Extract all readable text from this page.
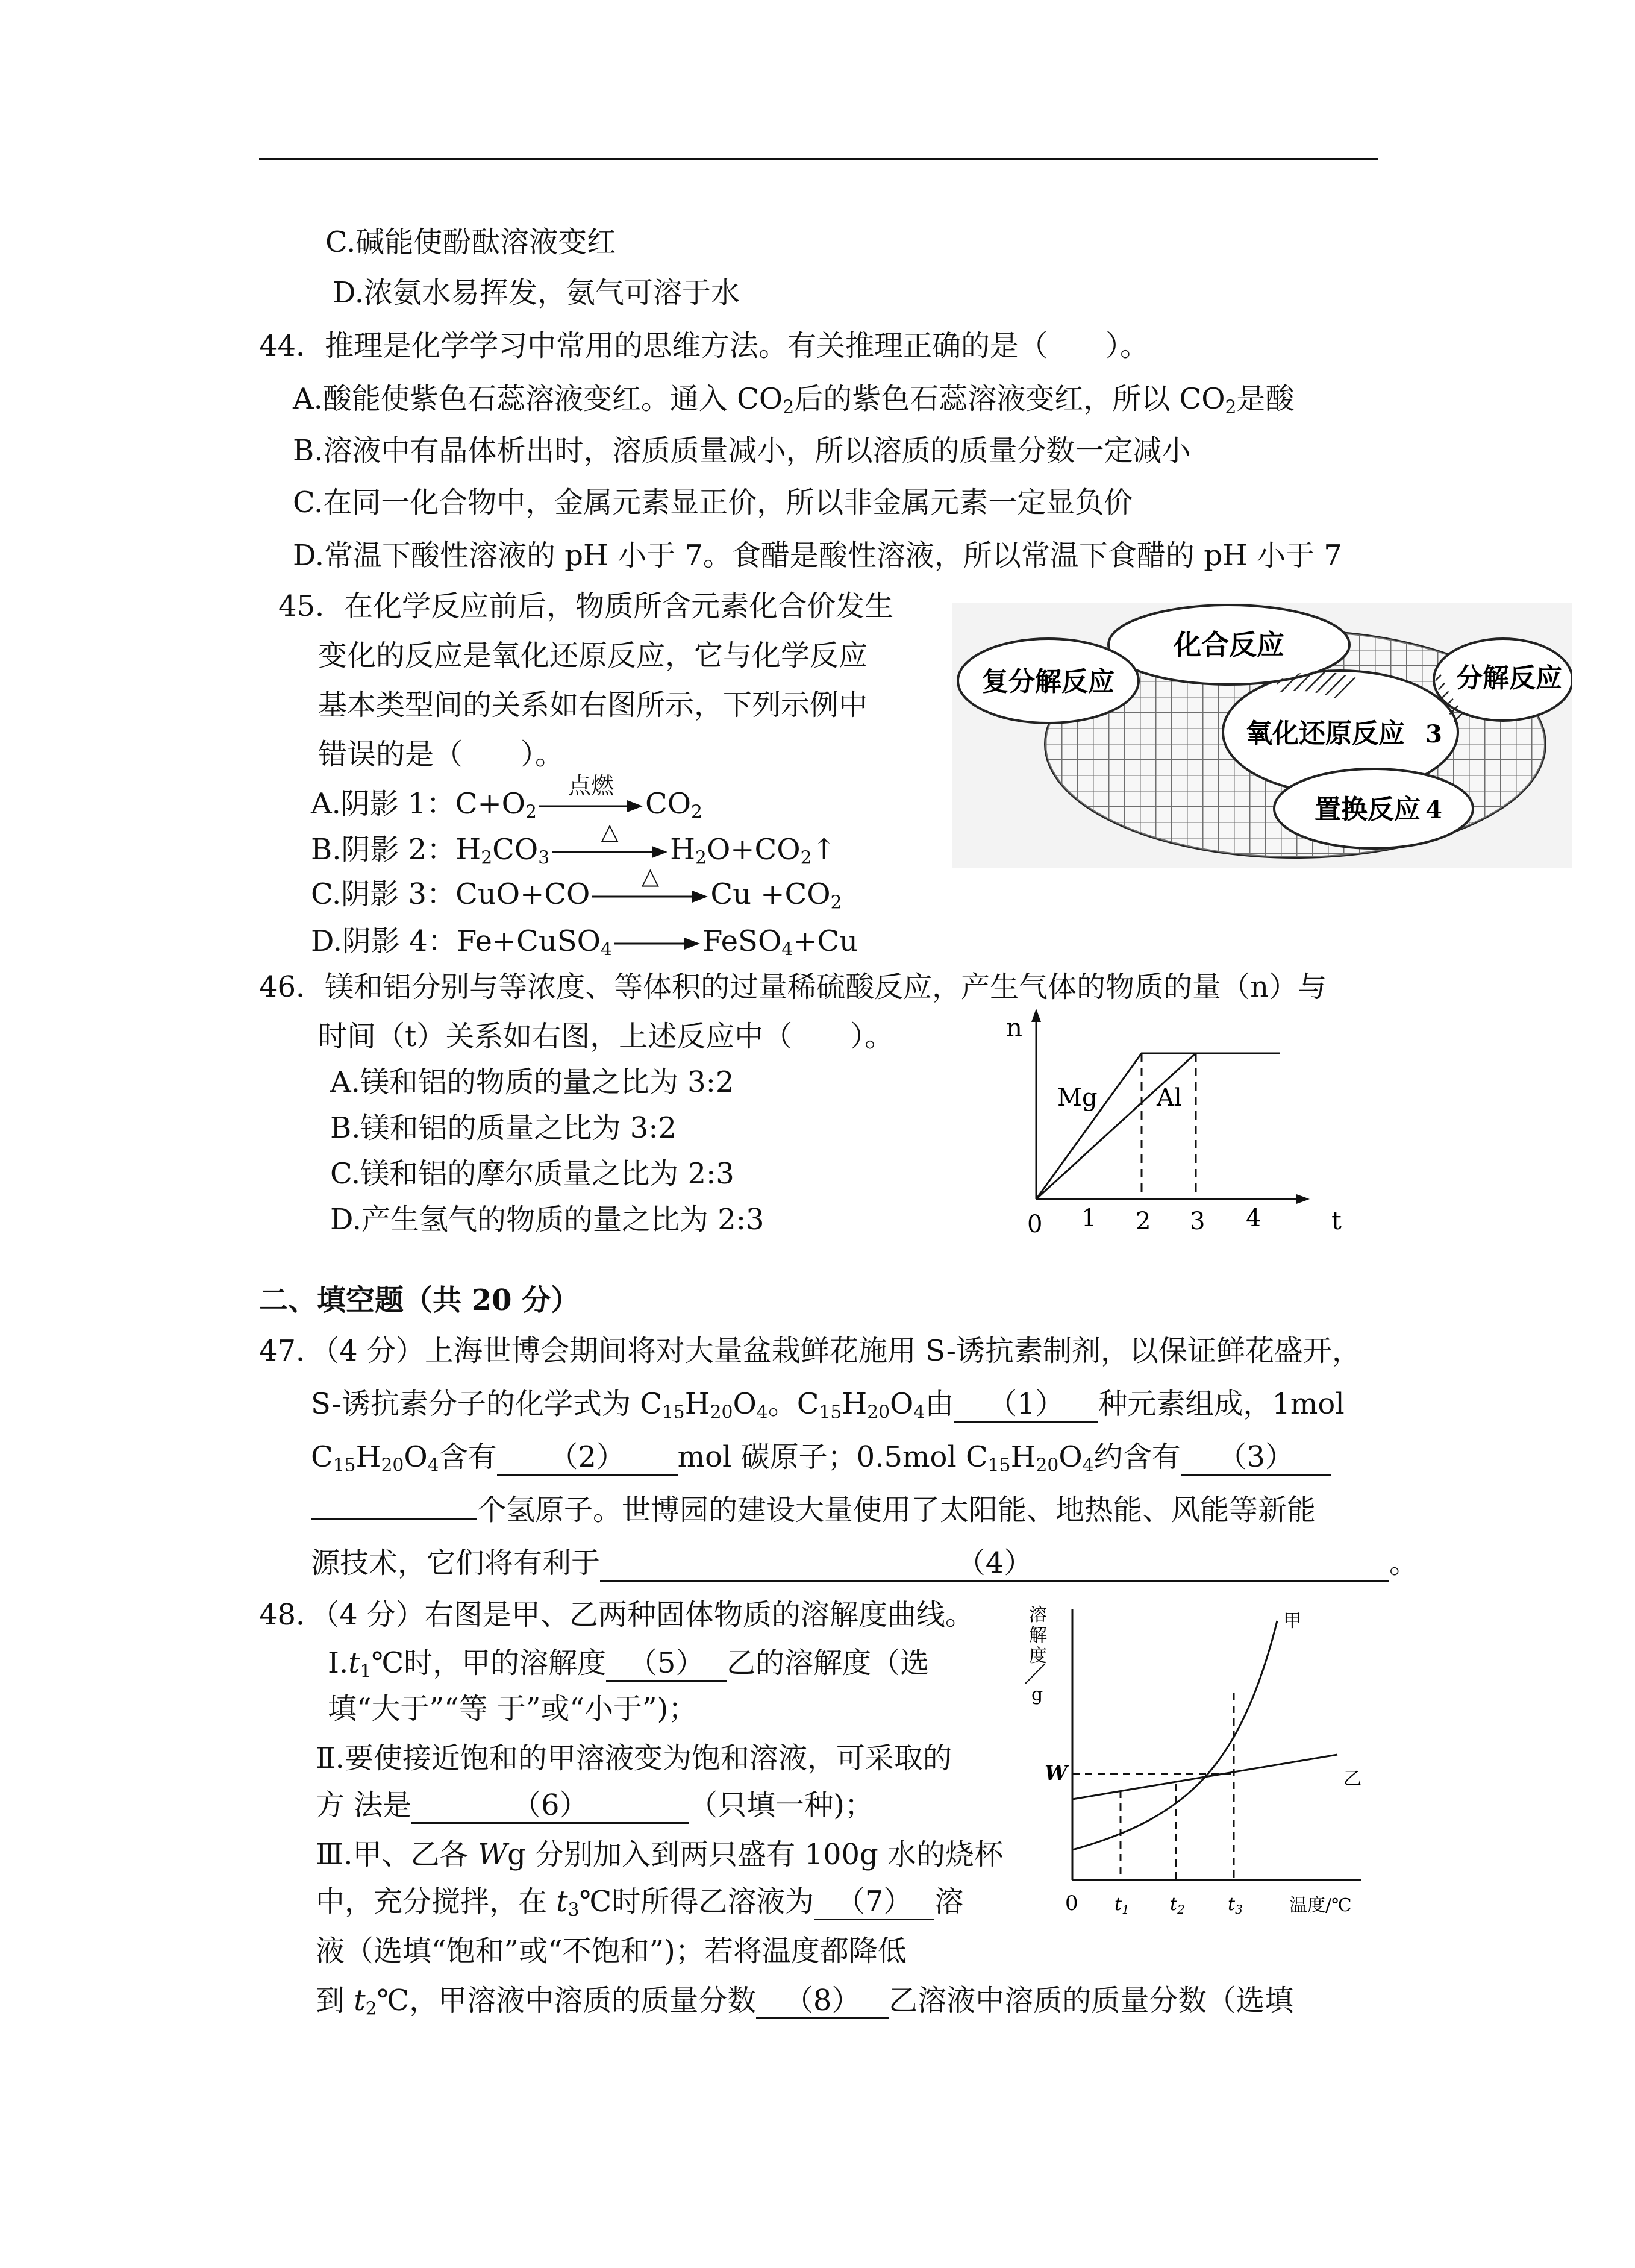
C.碱能使酚酞溶液变红
D.浓氨水易挥发，氨气可溶于水
44．推理是化学学习中常用的思维方法。有关推理正确的是（　　）。
A.酸能使紫色石蕊溶液变红。通入 $CO_2$后的紫色石蕊溶液变红，所以 $CO_2$是酸
B.溶液中有晶体析出时，溶质质量减小，所以溶质的质量分数一定减小
C.在同一化合物中，金属元素显正价，所以非金属元素一定显负价
D.常温下酸性溶液的 pH 小于 7。食醋是酸性溶液，所以常温下食醋的 pH 小于 7
45．在化学反应前后，物质所含元素化合价发生
变化的反应是氧化还原反应，它与化学反应
基本类型间的关系如右图所示，下列示例中
错误的是（　　）。
A.阴影 1：$C+O_2$
点燃
$CO_2$
B.阴影 2：$H_2CO_3$
△
$H_2O+CO_2↑$
C.阴影 3：CuO+CO
△
$Cu +CO_2$
D.阴影 4：Fe+CuSO$_4$→FeSO$_4$+Cu
化合反应
分解反应
复分解反应
氧化还原反应 3
置换反应 4
46．镁和铝分别与等浓度、等体积的过量稀硫酸反应，产生气体的物质的量（n）与
时间（t）关系如右图，上述反应中（　　）。
A.镁和铝的物质的量之比为 3:2
B.镁和铝的质量之比为 3:2
C.镁和铝的摩尔质量之比为 2:3
D.产生氢气的物质的量之比为 2:3
n
t
Mg Al
0 1 2 3 4
二、填空题（共 20 分）
47．（4 分）上海世博会期间将对大量盆栽鲜花施用 S-诱抗素制剂，以保证鲜花盛开，
S-诱抗素分子的化学式为 $C_{15}H_{20}O_4$。$C_{15}H_{20}O_4$由 （1） 种元素组成，1mol
$C_{15}H_{20}O_4$含有 （2） mol 碳原子；0.5mol $C_{15}H_{20}O_4$约含有 （3）
个氢原子。世博园的建设大量使用了太阳能、地热能、风能等新能
源技术，它们将有利于	（4）	。
48．（4 分）右图是甲、乙两种固体物质的溶解度曲线。
$Ⅰ.t_1℃$时，甲的溶解度 （5） 乙的溶解度（选
填“大于”“等 于”或“小于”)；
Ⅱ.要使接近饱和的甲溶液变为饱和溶液，可采取的
方 法是	（6）	（只填一种)；
Ⅲ.甲、乙各 Wg 分别加入到两只盛有 100g 水的烧杯
中，充分搅拌，在 $t_3℃$时所得乙溶液为 （7） 溶
液（选填“饱和”或“不饱和”)；若将温度都降低
到 $t_2℃$，甲溶液中溶质的质量分数 （8） 乙溶液中溶质的质量分数（选填
溶
解
度
g
W
甲
乙
0 $t_1$ $t_2$ $t_3$	温度/℃
